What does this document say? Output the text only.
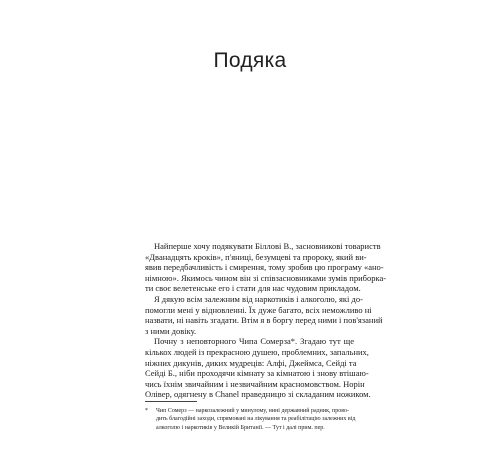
Подяка

Найперше хочу подякувати Біллові В., засновникові товариств
«Дванадцять кроків», п'яниці, безумцеві та пророку, який ви-
явив передбачливість і смирення, тому зробив цю програму «ано-
німною». Якимось чином він зі співзасновниками зумів приборка-
ти своє велетенське его і стати для нас чудовим прикладом.

Я дякую всім залежним від наркотиків і алкоголю, які до-
помогли мені у відновленні. Їх дуже багато, всіх неможливо ні
назвати, ні навіть згадати. Втім я в боргу перед ними і пов'язаний
з ними довіку.

Почну з неповторного Чипа Сомерза*. Згадаю тут ще
кількох людей із прекрасною душею, проблемних, запальних,
ніжних дикунів, диких мудреців: Алфі, Джеймса, Сейді та
Сейді Б., ніби проходячи кімнату за кімнатою і знову втішаю-
чись їхнім звичайним і незвичайним красномовством. Норін
Олівер, одягнену в Chanel праведницю зі складаним ножиком.

* Чип Сомерз — наркозалежний у минулому, нині державний радник, прово-
дить благодійні заходи, спрямовані на лікування та реабілітацію залежних від
алкоголю і наркотиків у Великій Британії. — Тут і далі прим. пер.
